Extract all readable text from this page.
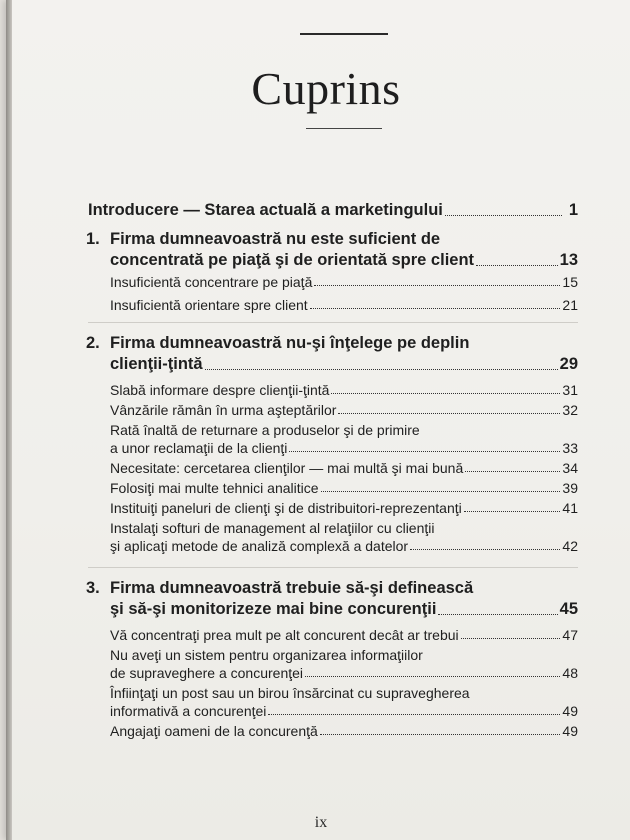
Cuprins
Introducere — Starea actuală a marketingului	1
1. Firma dumneavoastră nu este suficient de
concentrată pe piaţă şi de orientată spre client	13
Insuficientă concentrare pe piaţă	15
Insuficientă orientare spre client	21
2. Firma dumneavoastră nu-şi înţelege pe deplin
clienţii-ţintă	29
Slabă informare despre clienţii-ţintă	31
Vânzările rămân în urma aşteptărilor	32
Rată înaltă de returnare a produselor şi de primire
a unor reclamaţii de la clienţi	33
Necesitate: cercetarea clienţilor — mai multă şi mai bună	34
Folosiţi mai multe tehnici analitice	39
Instituiţi paneluri de clienţi şi de distribuitori-reprezentanţi	41
Instalaţi softuri de management al relaţiilor cu clienţii
şi aplicaţi metode de analiză complexă a datelor	42
3. Firma dumneavoastră trebuie să-şi definească
şi să-şi monitorizeze mai bine concurenţii	45
Vă concentraţi prea mult pe alt concurent decât ar trebui	47
Nu aveţi un sistem pentru organizarea informaţiilor
de supraveghere a concurenţei	48
Înfiinţaţi un post sau un birou însărcinat cu supravegherea
informativă a concurenţei	49
Angajaţi oameni de la concurenţă	49
ix
